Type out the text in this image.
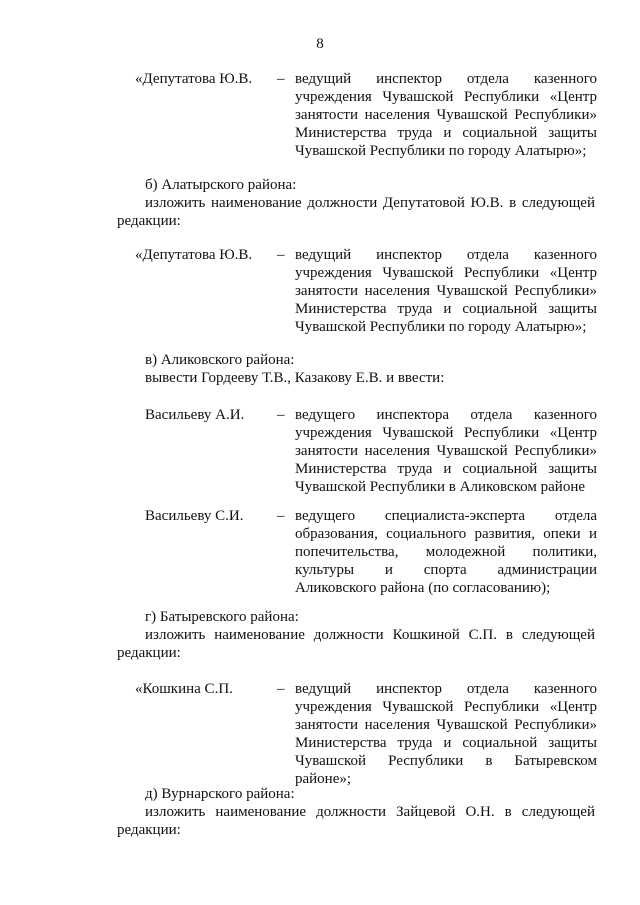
8
«Депутатова Ю.В.	– ведущий инспектор отдела казенного учреждения Чувашской Республики «Центр занятости населения Чувашской Республики» Министерства труда и социальной защиты Чувашской Республики по городу Алатырю»;
б) Алатырского района:
изложить наименование должности Депутатовой Ю.В. в следующей редакции:
«Депутатова Ю.В.	– ведущий инспектор отдела казенного учреждения Чувашской Республики «Центр занятости населения Чувашской Республики» Министерства труда и социальной защиты Чувашской Республики по городу Алатырю»;
в) Аликовского района:
вывести Гордееву Т.В., Казакову Е.В. и ввести:
Васильеву А.И.	– ведущего инспектора отдела казенного учреждения Чувашской Республики «Центр занятости населения Чувашской Республики» Министерства труда и социальной защиты Чувашской Республики в Аликовском районе
Васильеву С.И.	– ведущего специалиста-эксперта отдела образования, социального развития, опеки и попечительства, молодежной политики, культуры и спорта администрации Аликовского района (по согласованию);
г) Батыревского района:
изложить наименование должности Кошкиной С.П. в следующей редакции:
«Кошкина С.П.	– ведущий инспектор отдела казенного учреждения Чувашской Республики «Центр занятости населения Чувашской Республики» Министерства труда и социальной защиты Чувашской Республики в Батыревском районе»;
д) Вурнарского района:
изложить наименование должности Зайцевой О.Н. в следующей редакции:
